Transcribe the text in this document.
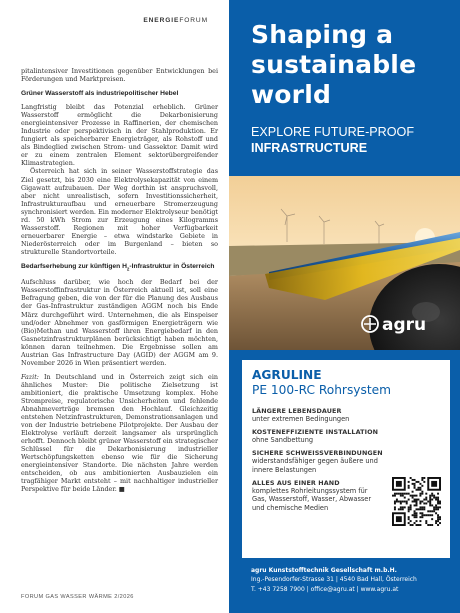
ENERGIEFORUM

pitalintensiver Investitionen gegenüber Entwicklungen bei Förderungen und Marktpreisen.

Grüner Wasserstoff als industriepolitischer Hebel

Langfristig bleibt das Potenzial erheblich. Grüner Wasserstoff ermöglicht die Dekarbonisierung energieintensiver Prozesse in Raffinerien, der chemischen Industrie oder perspektivisch in der Stahlproduktion. Er fungiert als speicherbarer Energieträger, als Rohstoff und als Bindeglied zwischen Strom- und Gassektor. Damit wird er zu einem zentralen Element sektorübergreifender Klimastrategien.

Österreich hat sich in seiner Wasserstoffstrategie das Ziel gesetzt, bis 2030 eine Elektrolysekapazität von einem Gigawatt aufzubauen. Der Weg dorthin ist anspruchsvoll, aber nicht unrealistisch, sofern Investitionssicherheit, Infrastrukturaufbau und erneuerbare Stromerzeugung synchronisiert werden. Ein moderner Elektrolyseur benötigt rd. 50 kWh Strom zur Erzeugung eines Kilogramms Wasserstoff. Regionen mit hoher Verfügbarkeit erneuerbarer Energie – etwa windstarke Gebiete in Niederösterreich oder im Burgenland – bieten so strukturelle Standortvorteile.

Bedarfserhebung zur künftigen $H_2$-Infrastruktur in Österreich

Aufschluss darüber, wie hoch der Bedarf bei der Wasserstoffinfrastruktur in Österreich aktuell ist, soll eine Befragung geben, die von der für die Planung des Ausbaus der Gas-Infrastruktur zuständigen AGGM noch bis Ende März durchgeführt wird. Unternehmen, die als Einspeiser und/oder Abnehmer von gasförmigen Energieträgern wie (Bio)Methan und Wasserstoff ihren Energiebedarf in den Gasnetzinfrastrukturplänen berücksichtigt haben möchten, können daran teilnehmen. Die Ergebnisse sollen am Austrian Gas Infrastructure Day (AGID) der AGGM am 9. November 2026 in Wien präsentiert werden.

Fazit: In Deutschland und in Österreich zeigt sich ein ähnliches Muster: Die politische Zielsetzung ist ambitioniert, die praktische Umsetzung komplex. Hohe Strompreise, regulatorische Unsicherheiten und fehlende Abnahmeverträge bremsen den Hochlauf. Gleichzeitig entstehen Netzinfrastrukturen, Demonstrationsanlagen und von der Industrie betriebene Pilotprojekte. Der Ausbau der Elektrolyse verläuft derzeit langsamer als ursprünglich erhofft. Dennoch bleibt grüner Wasserstoff ein strategischer Schlüssel für die Dekarbonisierung industrieller Wertschöpfungsketten ebenso wie für die Sicherung energieintensiver Standorte. Die nächsten Jahre werden entscheiden, ob aus ambitionierten Ausbauzielen ein tragfähiger Markt entsteht – mit nachhaltiger industrieller Perspektive für beide Länder. ■

FORUM GAS WASSER WÄRME 2/2026
Shaping a
sustainable
world
EXPLORE FUTURE-PROOF
INFRASTRUCTURE
agru
AGRULINE
PE 100-RC Rohrsystem
LÄNGERE LEBENSDAUER
unter extremen Bedingungen
KOSTENEFFIZIENTE INSTALLATION
ohne Sandbettung
SICHERE SCHWEISSVERBINDUNGEN
widerstandsfähiger gegen äußere und innere Belastungen
ALLES AUS EINER HAND
komplettes Rohrleitungssystem für Gas, Wasserstoff, Wasser, Abwasser und chemische Medien
agru Kunststofftechnik Gesellschaft m.b.H.
Ing.-Pesendorfer-Strasse 31 | 4540 Bad Hall, Österreich
T. +43 7258 7900 | office@agru.at | www.agru.at
